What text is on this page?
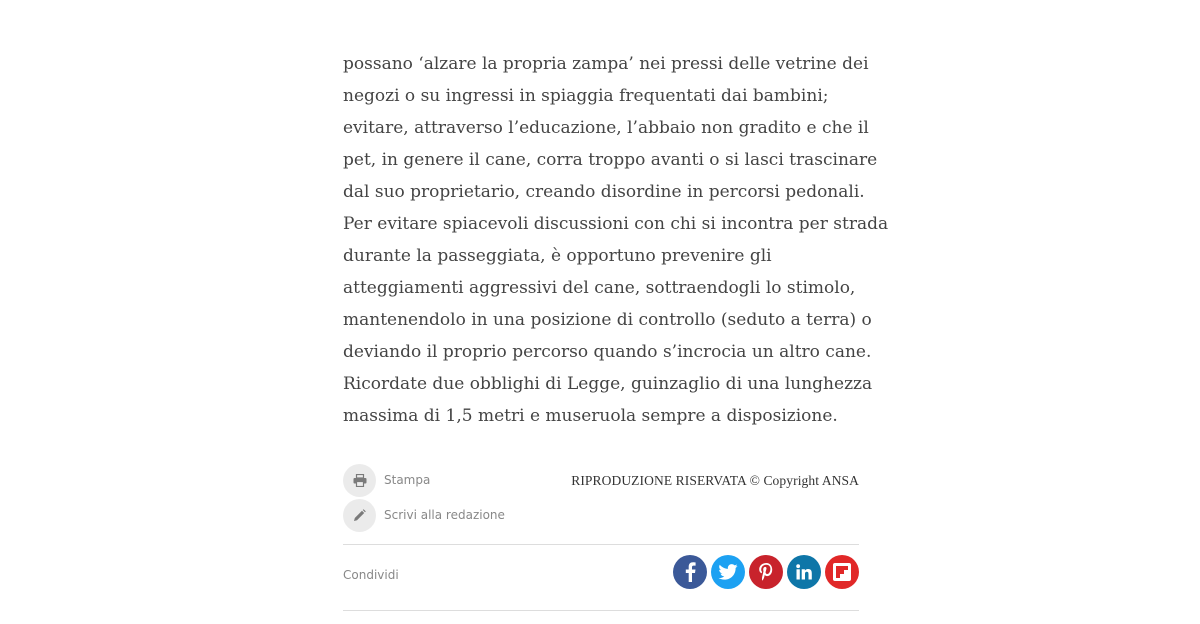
possano ‘alzare la propria zampa’ nei pressi delle vetrine dei
negozi o su ingressi in spiaggia frequentati dai bambini;
evitare, attraverso l’educazione, l’abbaio non gradito e che il
pet, in genere il cane, corra troppo avanti o si lasci trascinare
dal suo proprietario, creando disordine in percorsi pedonali.
Per evitare spiacevoli discussioni con chi si incontra per strada
durante la passeggiata, è opportuno prevenire gli
atteggiamenti aggressivi del cane, sottraendogli lo stimolo,
mantenendolo in una posizione di controllo (seduto a terra) o
deviando il proprio percorso quando s’incrocia un altro cane.
Ricordate due obblighi di Legge, guinzaglio di una lunghezza
massima di 1,5 metri e museruola sempre a disposizione.

Stampa
Scrivi alla redazione
RIPRODUZIONE RISERVATA © Copyright ANSA
Condividi
